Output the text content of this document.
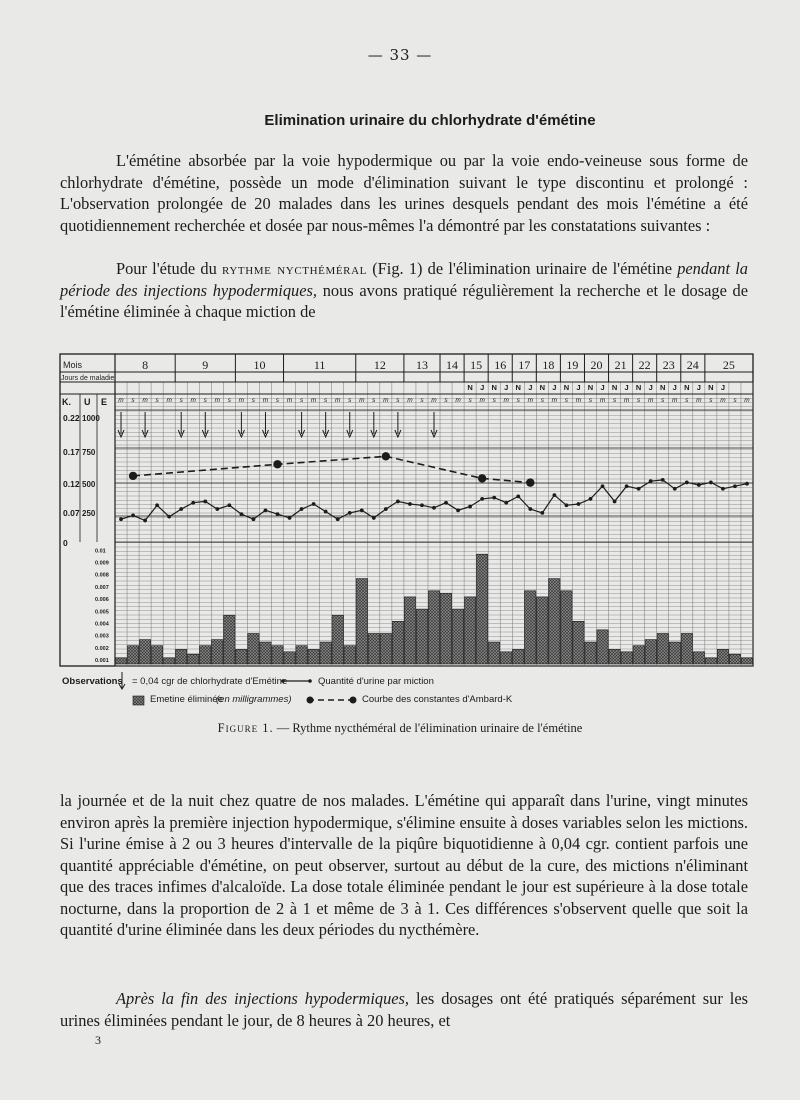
— 33 —
Elimination urinaire du chlorhydrate d'émétine

L'émétine absorbée par la voie hypodermique ou par la voie endo-veineuse sous forme de chlorhydrate d'émétine, possède un mode d'élimination suivant le type discontinu et prolongé : L'observation prolongée de 20 malades dans les urines desquels pendant des mois l'émétine a été quotidiennement recherchée et dosée par nous-mêmes l'a démontré par les constatations suivantes :

Pour l'étude du rythme nycthéméral (Fig. 1) de l'élimination urinaire de l'émétine pendant la période des injections hypodermiques, nous avons pratiqué régulièrement la recherche et le dosage de l'émétine éliminée à chaque miction de

Mois
Jours de maladie
K. U E
8	9	10	11	12	13 14 15 16 17 18 19 20 21 22 23 24 25
N J N J N J N J N J N J N J N J N J N J N J
m s m s m s m s m s m s m s m s m s m s m s m s m s m s m s m s m s m s m s m s m s m s m s m s m s m s m
0.22
0.17
0.12
0.07
0
1000
750
500
250
0.01
0.009
0.008
0.007
0.006
0.005
0.004
0.003
0.002
0.001
Observations = 0,04 cgr de chlorhydrate d'Emétine	Quantité d'urine par miction
Emetine éliminée
(en milligrammes)	Courbe des constantes d'Ambard-K
Figure 1. — Rythme nycthéméral de l'élimination urinaire de l'émétine

la journée et de la nuit chez quatre de nos malades. L'émétine qui apparaît dans l'urine, vingt minutes environ après la première injection hypodermique, s'élimine ensuite à doses variables selon les mictions. Si l'urine émise à 2 ou 3 heures d'intervalle de la piqûre biquotidienne à 0,04 cgr. contient parfois une quantité appréciable d'émétine, on peut observer, surtout au début de la cure, des mictions n'éliminant que des traces infimes d'alcaloïde. La dose totale éliminée pendant le jour est supérieure à la dose totale nocturne, dans la proportion de 2 à 1 et même de 3 à 1. Ces différences s'observent quelle que soit la quantité d'urine éliminée dans les deux périodes du nycthémère.

Après la fin des injections hypodermiques, les dosages ont été pratiqués séparément sur les urines éliminées pendant le jour, de 8 heures à 20 heures, et

3
